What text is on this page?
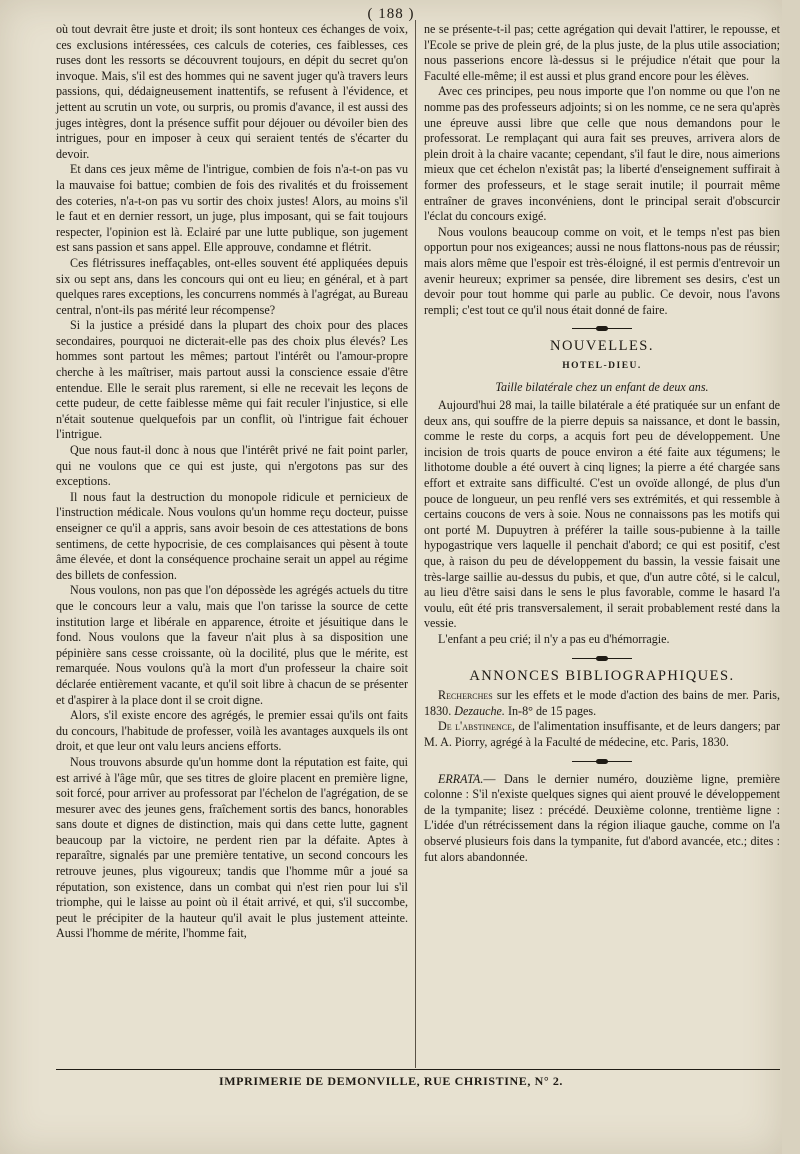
( 188 )

où tout devrait être juste et droit; ils sont honteux ces échanges de voix, ces exclusions intéressées, ces calculs de coteries, ces faiblesses, ces ruses dont les ressorts se découvrent toujours, en dépit du secret qu'on invoque. Mais, s'il est des hommes qui ne savent juger qu'à travers leurs passions, qui, dédaigneusement inattentifs, se refusent à l'évidence, et jettent au scrutin un vote, ou surpris, ou promis d'avance, il est aussi des juges intègres, dont la présence suffit pour déjouer ou dévoiler bien des intrigues, pour en imposer à ceux qui seraient tentés de s'écarter du devoir.

Et dans ces jeux même de l'intrigue, combien de fois n'a-t-on pas vu la mauvaise foi battue; combien de fois des rivalités et du froissement des coteries, n'a-t-on pas vu sortir des choix justes! Alors, au moins s'il le faut et en dernier ressort, un juge, plus imposant, qui se fait toujours respecter, l'opinion est là. Eclairé par une lutte publique, son jugement est sans passion et sans appel. Elle approuve, condamne et flétrit.

Ces flétrissures ineffaçables, ont-elles souvent été appliquées depuis six ou sept ans, dans les concours qui ont eu lieu; en général, et à part quelques rares exceptions, les concurrens nommés à l'agrégat, au Bureau central, n'ont-ils pas mérité leur récompense?

Si la justice a présidé dans la plupart des choix pour des places secondaires, pourquoi ne dicterait-elle pas des choix plus élevés? Les hommes sont partout les mêmes; partout l'intérêt ou l'amour-propre cherche à les maîtriser, mais partout aussi la conscience essaie d'être entendue. Elle le serait plus rarement, si elle ne recevait les leçons de cette pudeur, de cette faiblesse même qui fait reculer l'injustice, si elle n'était soutenue quelquefois par un conflit, où l'intrigue fait échouer l'intrigue.

Que nous faut-il donc à nous que l'intérêt privé ne fait point parler, qui ne voulons que ce qui est juste, qui n'ergotons pas sur des exceptions.

Il nous faut la destruction du monopole ridicule et pernicieux de l'instruction médicale. Nous voulons qu'un homme reçu docteur, puisse enseigner ce qu'il a appris, sans avoir besoin de ces attestations de bons sentimens, de cette hypocrisie, de ces complaisances qui pèsent à toute âme élevée, et dont la conséquence prochaine serait un appel au régime des billets de confession.

Nous voulons, non pas que l'on dépossède les agrégés actuels du titre que le concours leur a valu, mais que l'on tarisse la source de cette institution large et libérale en apparence, étroite et jésuitique dans le fond. Nous voulons que la faveur n'ait plus à sa disposition une pépinière sans cesse croissante, où la docilité, plus que le mérite, est remarquée. Nous voulons qu'à la mort d'un professeur la chaire soit déclarée entièrement vacante, et qu'il soit libre à chacun de se présenter et d'aspirer à la place dont il se croit digne.

Alors, s'il existe encore des agrégés, le premier essai qu'ils ont faits du concours, l'habitude de professer, voilà les avantages auxquels ils ont droit, et que leur ont valu leurs anciens efforts.

Nous trouvons absurde qu'un homme dont la réputation est faite, qui est arrivé à l'âge mûr, que ses titres de gloire placent en première ligne, soit forcé, pour arriver au professorat par l'échelon de l'agrégation, de se mesurer avec des jeunes gens, fraîchement sortis des bancs, honorables sans doute et dignes de distinction, mais qui dans cette lutte, gagnent beaucoup par la victoire, ne perdent rien par la défaite. Aptes à reparaître, signalés par une première tentative, un second concours les retrouve jeunes, plus vigoureux; tandis que l'homme mûr a joué sa réputation, son existence, dans un combat qui n'est rien pour lui s'il triomphe, qui le laisse au point où il était arrivé, et qui, s'il succombe, peut le précipiter de la hauteur qu'il avait le plus justement atteinte. Aussi l'homme de mérite, l'homme fait,

ne se présente-t-il pas; cette agrégation qui devait l'attirer, le repousse, et l'Ecole se prive de plein gré, de la plus juste, de la plus utile association; nous passerions encore là-dessus si le préjudice n'était que pour la Faculté elle-même; il est aussi et plus grand encore pour les élèves.

Avec ces principes, peu nous importe que l'on nomme ou que l'on ne nomme pas des professeurs adjoints; si on les nomme, ce ne sera qu'après une épreuve aussi libre que celle que nous demandons pour le professorat. Le remplaçant qui aura fait ses preuves, arrivera alors de plein droit à la chaire vacante; cependant, s'il faut le dire, nous aimerions mieux que cet échelon n'existât pas; la liberté d'enseignement suffirait à former des professeurs, et le stage serait inutile; il pourrait même entraîner de graves inconvéniens, dont le principal serait d'obscurcir l'éclat du concours exigé.

Nous voulons beaucoup comme on voit, et le temps n'est pas bien opportun pour nos exigeances; aussi ne nous flattons-nous pas de réussir; mais alors même que l'espoir est très-éloigné, il est permis d'entrevoir un avenir heureux; exprimer sa pensée, dire librement ses desirs, c'est un devoir pour tout homme qui parle au public. Ce devoir, nous l'avons rempli; c'est tout ce qu'il nous était donné de faire.

NOUVELLES.
HOTEL-DIEU.
Taille bilatérale chez un enfant de deux ans.

Aujourd'hui 28 mai, la taille bilatérale a été pratiquée sur un enfant de deux ans, qui souffre de la pierre depuis sa naissance, et dont le bassin, comme le reste du corps, a acquis fort peu de développement. Une incision de trois quarts de pouce environ a été faite aux tégumens; le lithotome double a été ouvert à cinq lignes; la pierre a été chargée sans effort et extraite sans difficulté. C'est un ovoïde allongé, de plus d'un pouce de longueur, un peu renflé vers ses extrémités, et qui ressemble à certains coucons de vers à soie. Nous ne connaissons pas les motifs qui ont porté M. Dupuytren à préférer la taille sous-pubienne à la taille hypogastrique vers laquelle il penchait d'abord; ce qui est positif, c'est que, à raison du peu de développement du bassin, la vessie faisait une très-large saillie au-dessus du pubis, et que, d'un autre côté, si le calcul, au lieu d'être saisi dans le sens le plus favorable, comme le hasard l'a voulu, eût été pris transversalement, il serait probablement resté dans la vessie.

L'enfant a peu crié; il n'y a pas eu d'hémorragie.

ANNONCES BIBLIOGRAPHIQUES.

Recherches sur les effets et le mode d'action des bains de mer. Paris, 1830. Dezauche. In-8° de 15 pages.

De l'abstinence, de l'alimentation insuffisante, et de leurs dangers; par M. A. Piorry, agrégé à la Faculté de médecine, etc. Paris, 1830.

ERRATA.— Dans le dernier numéro, douzième ligne, première colonne : S'il n'existe quelques signes qui aient prouvé le développement de la tympanite; lisez : précédé. Deuxième colonne, trentième ligne : L'idée d'un rétrécissement dans la région iliaque gauche, comme on l'a observé plusieurs fois dans la tympanite, fut d'abord avancée, etc.; dites : fut alors abandonnée.

IMPRIMERIE DE DEMONVILLE, RUE CHRISTINE, N° 2.
